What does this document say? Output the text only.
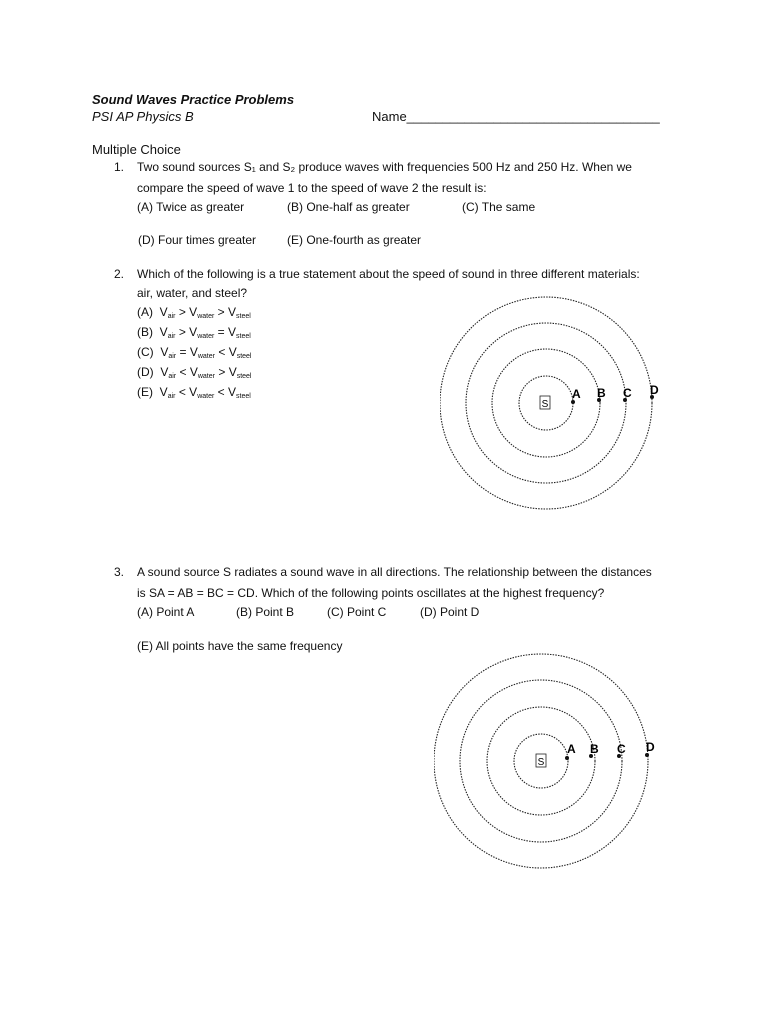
Sound Waves Practice Problems
PSI AP Physics B	Name___________________________________
Multiple Choice
1. Two sound sources S₁ and S₂ produce waves with frequencies 500 Hz and 250 Hz. When we
compare the speed of wave 1 to the speed of wave 2 the result is:
(A) Twice as greater	(B) One-half as greater	(C) The same
(D) Four times greater	(E) One-fourth as greater
2. Which of the following is a true statement about the speed of sound in three different materials:
air, water, and steel?
(A) $V_{air} > V_{water} > V_{steel}$
(B) $V_{air} > V_{water} = V_{steel}$
(C) $V_{air} = V_{water} < V_{steel}$
(D) $V_{air} < V_{water} > V_{steel}$
(E) $V_{air} < V_{water} < V_{steel}$
S
A B C D
3. A sound source S radiates a sound wave in all directions. The relationship between the distances
is SA = AB = BC = CD. Which of the following points oscillates at the highest frequency?
(A) Point A	(B) Point B	(C) Point C	(D) Point D
(E) All points have the same frequency
S
A B C D
